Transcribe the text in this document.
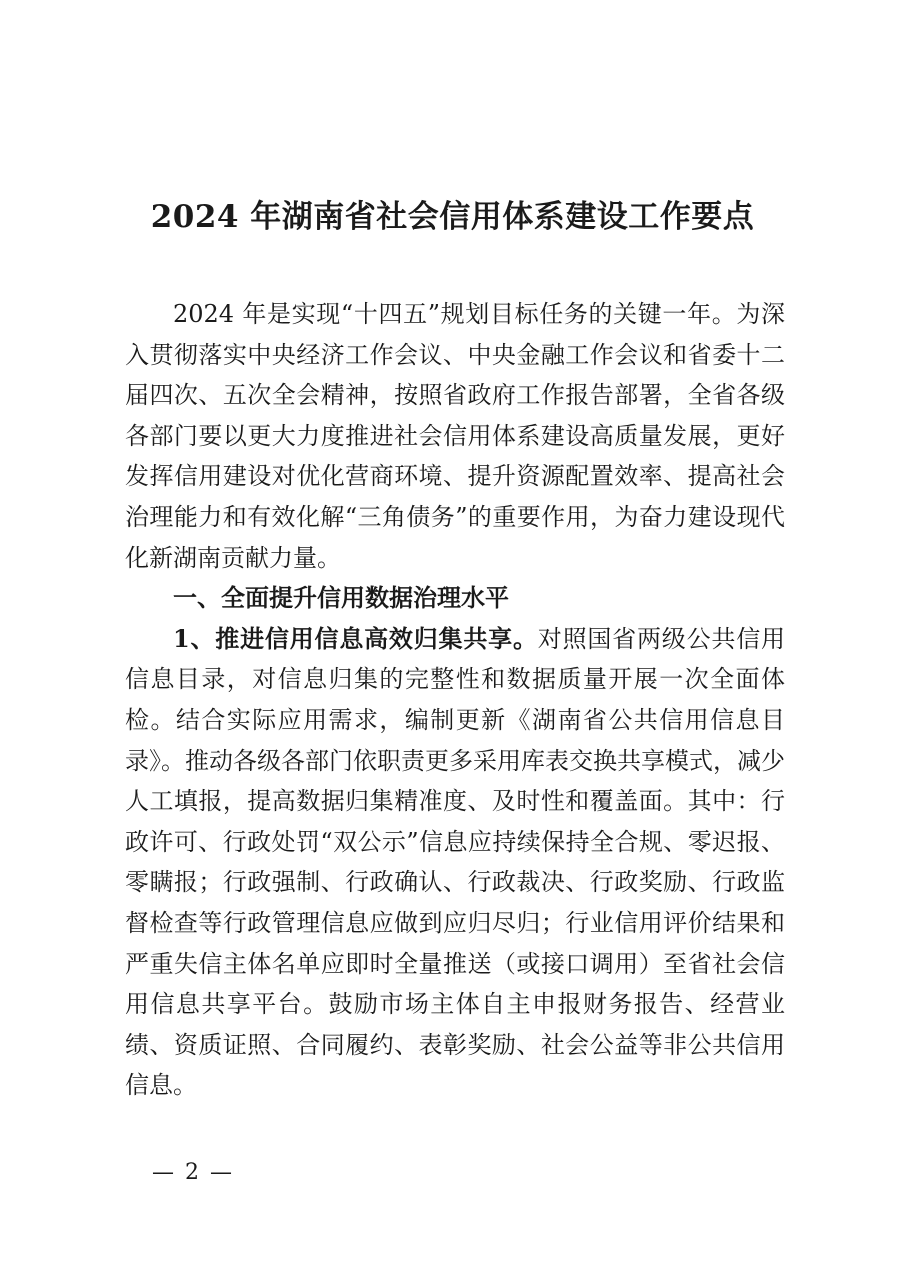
2024 年湖南省社会信用体系建设工作要点

2024 年是实现“十四五”规划目标任务的关键一年。为深入贯彻落实中央经济工作会议、中央金融工作会议和省委十二届四次、五次全会精神，按照省政府工作报告部署，全省各级各部门要以更大力度推进社会信用体系建设高质量发展，更好发挥信用建设对优化营商环境、提升资源配置效率、提高社会治理能力和有效化解“三角债务”的重要作用，为奋力建设现代化新湖南贡献力量。

一、全面提升信用数据治理水平

1、推进信用信息高效归集共享。对照国省两级公共信用信息目录，对信息归集的完整性和数据质量开展一次全面体检。结合实际应用需求，编制更新《湖南省公共信用信息目录》。推动各级各部门依职责更多采用库表交换共享模式，减少人工填报，提高数据归集精准度、及时性和覆盖面。其中：行政许可、行政处罚“双公示”信息应持续保持全合规、零迟报、零瞒报；行政强制、行政确认、行政裁决、行政奖励、行政监督检查等行政管理信息应做到应归尽归；行业信用评价结果和严重失信主体名单应即时全量推送（或接口调用）至省社会信用信息共享平台。鼓励市场主体自主申报财务报告、经营业绩、资质证照、合同履约、表彰奖励、社会公益等非公共信用信息。

— 2 —
